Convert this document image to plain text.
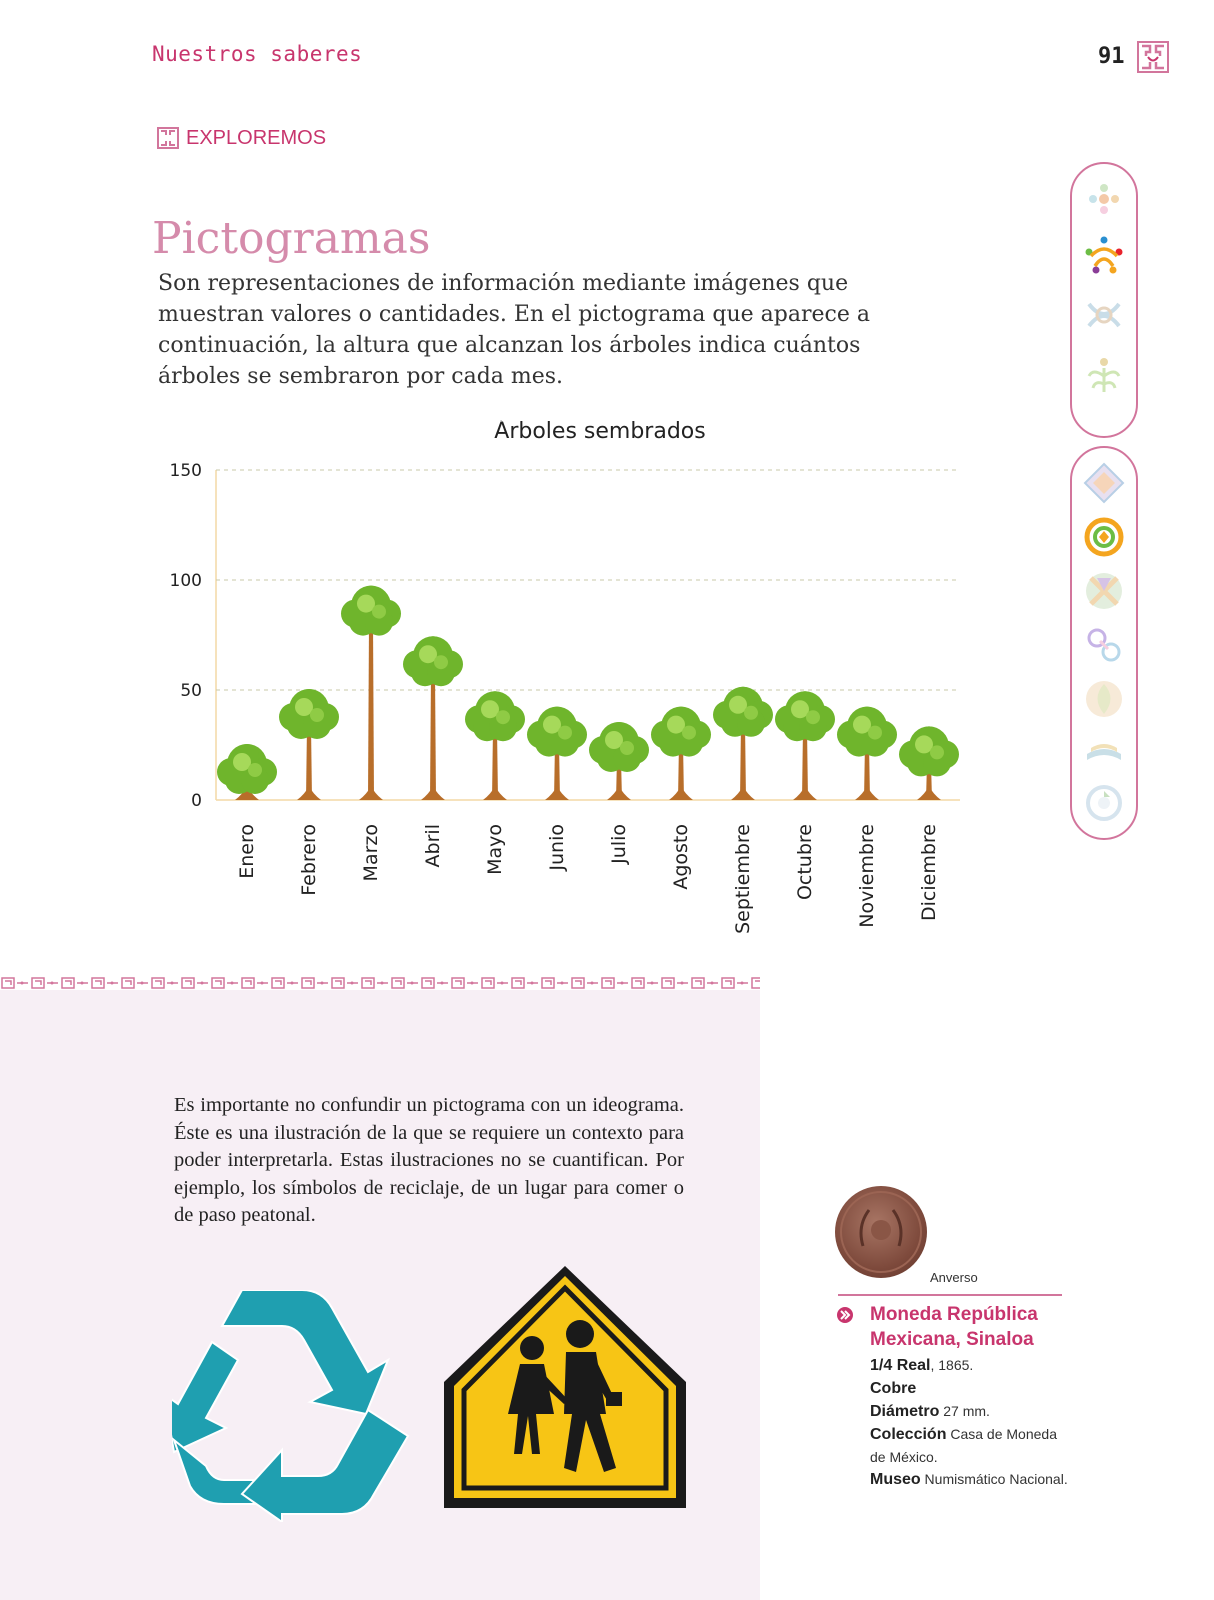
Nuestros saberes	91
EXPLOREMOS
Pictogramas

Son representaciones de información mediante imágenes que muestran valores o cantidades. En el pictograma que aparece a continuación, la altura que alcanzan los árboles indica cuántos árboles se sembraron por cada mes.

Árboles sembrados
0
50
100
150
Enero Febrero Marzo Abril Mayo Junio Julio Agosto Septiembre Octubre Noviembre Diciembre

Es importante no confundir un pictograma con un ideograma. Éste es una ilustración de la que se requiere un contexto para poder interpretarla. Estas ilustraciones no se cuantifican. Por ejemplo, los símbolos de reciclaje, de un lugar para comer o de paso peatonal.

Anverso
Moneda República Mexicana, Sinaloa
1/4 Real, 1865.
Cobre
Diámetro 27 mm.
Colección Casa de Moneda de México.
Museo Numismático Nacional.
